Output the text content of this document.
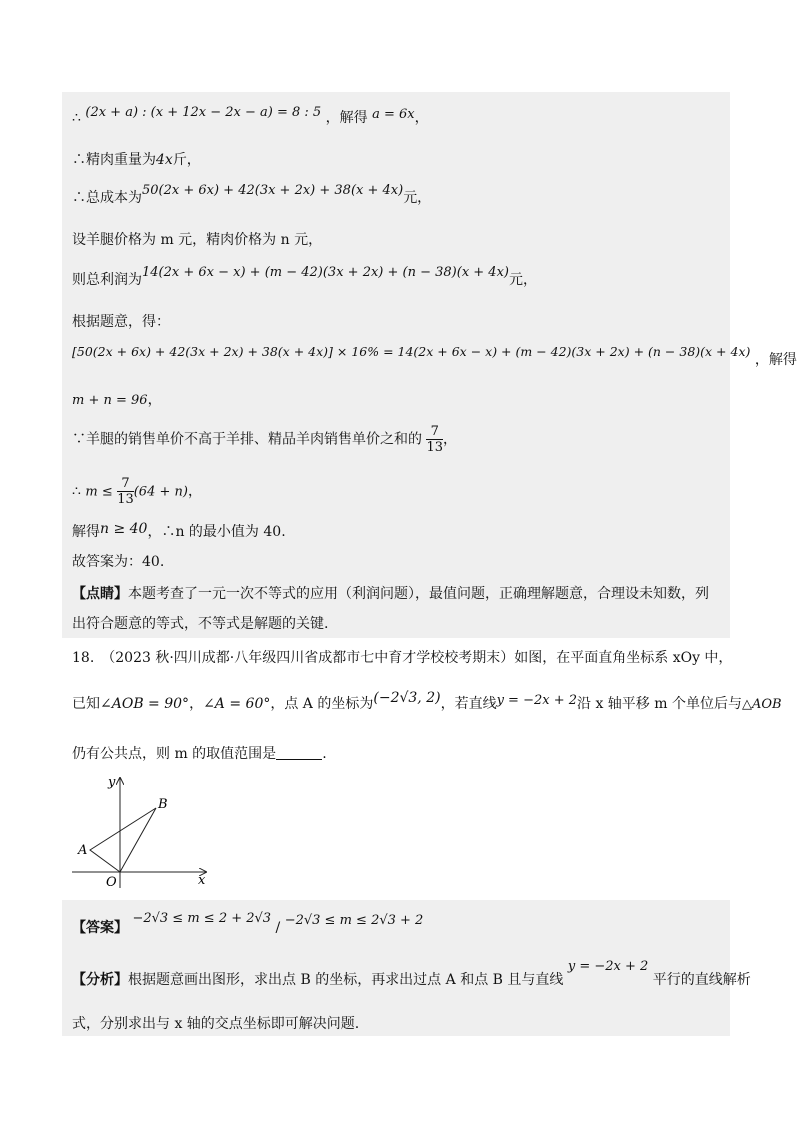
∴ (2x + a) : (x + 12x − 2x − a) = 8 : 5 ，解得 a = 6x，
∴精肉重量为4x斤，
∴总成本为50(2x + 6x) + 42(3x + 2x) + 38(x + 4x)元，
设羊腿价格为 m 元，精肉价格为 n 元，
则总利润为14(2x + 6x − x) + (m − 42)(3x + 2x) + (n − 38)(x + 4x)元，
根据题意，得：
[50(2x + 6x) + 42(3x + 2x) + 38(x + 4x)] × 16% = 14(2x + 6x − x) + (m − 42)(3x + 2x) + (n − 38)(x + 4x) ，解得
m + n = 96，
∵羊腿的销售单价不高于羊排、精品羊肉销售单价之和的 $\frac{7}{13}$ ，
∴ $m \le \frac{7}{13} (64 + n)$，
解得n ≥ 40，∴n 的最小值为 40.
故答案为：40.
【点睛】本题考查了一元一次不等式的应用（利润问题），最值问题，正确理解题意，合理设未知数，列
出符合题意的等式，不等式是解题的关键.
18.　（2023 秋·四川成都·八年级四川省成都市七中育才学校校考期末）如图，在平面直角坐标系 xOy 中，
已知∠AOB = 90°，∠A = 60°，点 A 的坐标为(−2√3, 2)，若直线y = −2x + 2沿 x 轴平移 m 个单位后与△AOB
仍有公共点，则 m 的取值范围是	.
y
x
O
A
B
【答案】 −2√3 ≤ m ≤ 2 + 2√3 / −2√3 ≤ m ≤ 2√3 + 2
【分析】根据题意画出图形，求出点 B 的坐标，再求出过点 A 和点 B 且与直线 y = −2x + 2 平行的直线解析
式，分别求出与 x 轴的交点坐标即可解决问题.
